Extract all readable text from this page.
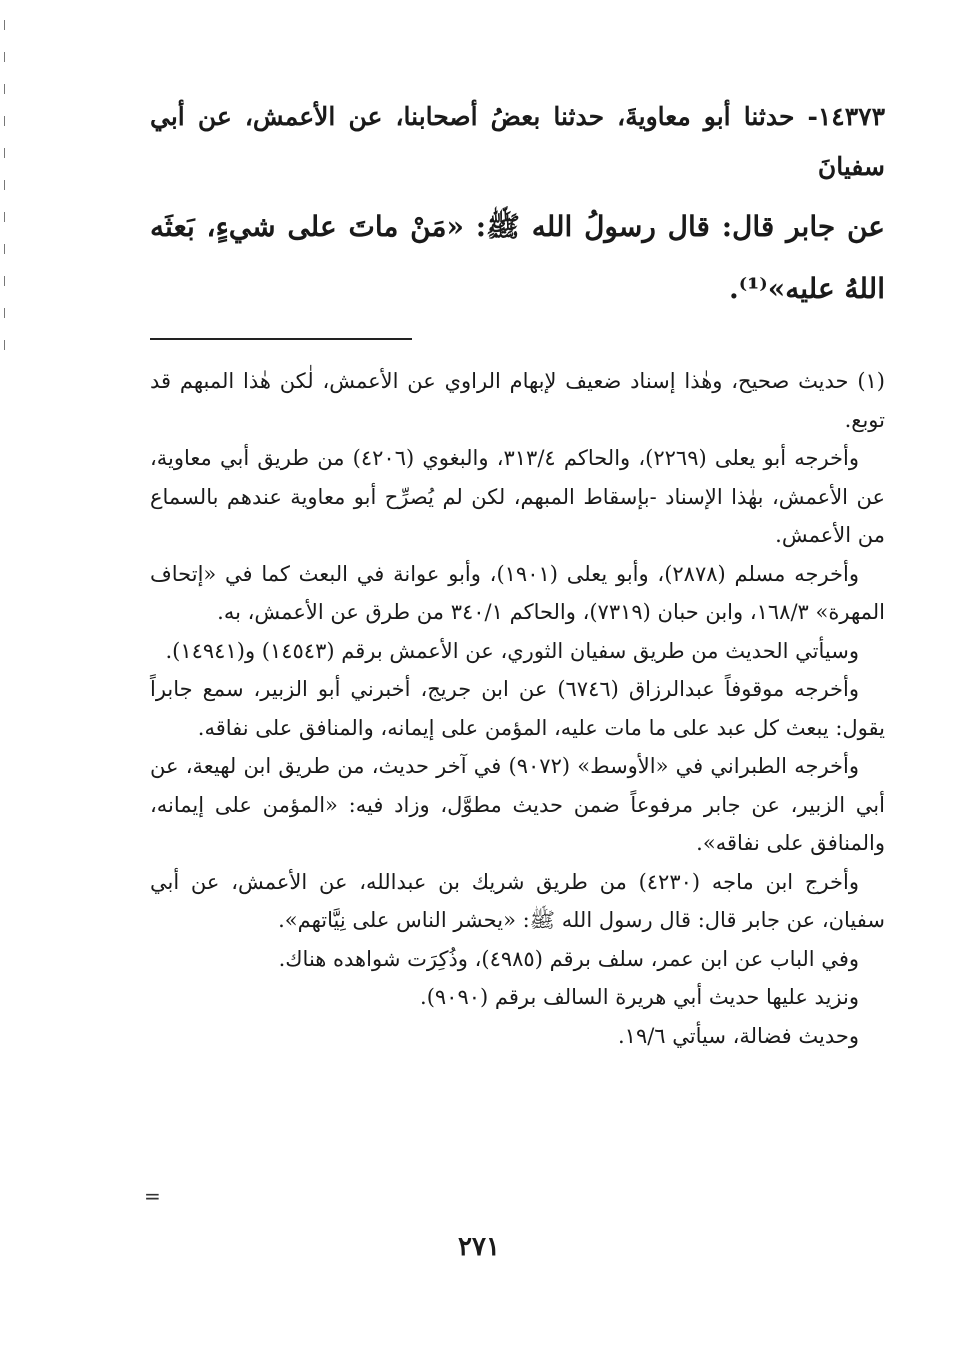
١٤٣٧٣- حدثنا أبو معاويةَ، حدثنا بعضُ أصحابنا، عن الأعمش، عن أبي سفيانَ

عن جابر قال: قال رسولُ الله ﷺ: «مَنْ ماتَ على شيءٍ، بَعثَه اللهُ عليه»⁽¹⁾.

(١) حديث صحيح، وهٰذا إسناد ضعيف لإبهام الراوي عن الأعمش، لٰكن هٰذا المبهم قد توبع.

وأخرجه أبو يعلى (٢٢٦٩)، والحاكم ٣١٣/٤، والبغوي (٤٢٠٦) من طريق أبي معاوية، عن الأعمش، بهٰذا الإسناد -بإسقاط المبهم، لكن لم يُصرِّح أبو معاوية عندهم بالسماع من الأعمش.

وأخرجه مسلم (٢٨٧٨)، وأبو يعلى (١٩٠١)، وأبو عوانة في البعث كما في «إتحاف المهرة» ١٦٨/٣، وابن حبان (٧٣١٩)، والحاكم ٣٤٠/١ من طرق عن الأعمش، به.

وسيأتي الحديث من طريق سفيان الثوري، عن الأعمش برقم (١٤٥٤٣) و(١٤٩٤١).

وأخرجه موقوفاً عبدالرزاق (٦٧٤٦) عن ابن جريج، أخبرني أبو الزبير، سمع جابراً يقول: يبعث كل عبد على ما مات عليه، المؤمن على إيمانه، والمنافق على نفاقه.

وأخرجه الطبراني في «الأوسط» (٩٠٧٢) في آخر حديث، من طريق ابن لهيعة، عن أبي الزبير، عن جابر مرفوعاً ضمن حديث مطوَّل، وزاد فيه: «المؤمن على إيمانه، والمنافق على نفاقه».

وأخرج ابن ماجه (٤٢٣٠) من طريق شريك بن عبدالله، عن الأعمش، عن أبي سفيان، عن جابر قال: قال رسول الله ﷺ: «يحشر الناس على نِيَّاتهم».

وفي الباب عن ابن عمر، سلف برقم (٤٩٨٥)، وذُكِرَت شواهده هناك.

ونزيد عليها حديث أبي هريرة السالف برقم (٩٠٩٠).

وحديث فضالة، سيأتي ١٩/٦.

=
٢٧١
